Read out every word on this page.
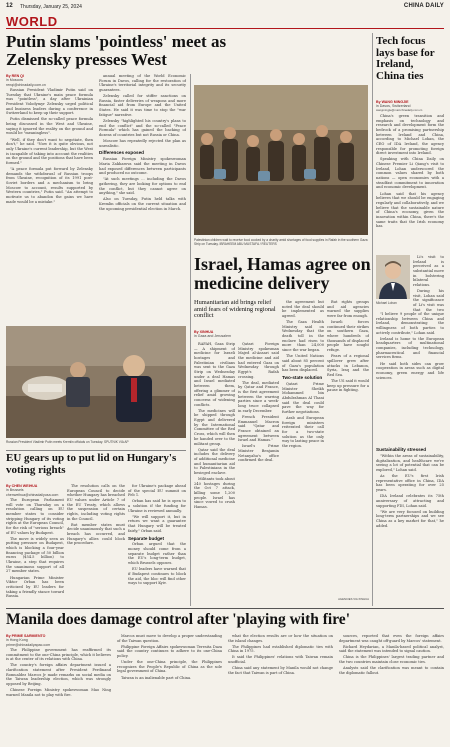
12 Thursday, January 25, 2024	CHINA DAILY
WORLD
Putin slams 'pointless' meet as Zelensky presses West
By REN QI
in Moscow
renqi@chinadaily.com.cn

Russian President Vladimir Putin said on Tuesday that Ukraine's main peace formula was "pointless", a day after Ukrainian President Volodymyr Zelensky urged political and business leaders during a conference in Switzerland to keep up their support.

Putin dismissed the so-called peace formula being discussed in the West and Ukraine, saying it ignored the reality on the ground and would be "meaningless".

"Well, if they don't want to negotiate, then don't," he said. "Now it is quite obvious, not only Ukraine's current leadership, but the West is incapable of taking into account the realities on the ground and the positions that have been formed."

"A peace formula put forward by Zelensky demands the withdrawal of Russian troops from Ukraine, recognition of its 1991 post-Soviet borders and a mechanism to bring Moscow to account, results supported by Western countries," Putin said. "An attempt to motivate us to abandon the gains we have made would be a mistake."

annual meeting of the World Economic Forum in Davos, calling for the restoration of Ukraine's territorial integrity and its security guarantees.

Zelensky called for stiffer sanctions on Russia, faster deliveries of weapons and more financial aid from Europe and the United States. He said it was time to stop the "war fatigue" narrative.

Zelensky "highlighted his country's plans to end the conflict" and the so-called "Peace Formula" which has gained the backing of dozens of countries but not Russia or China.

Moscow has repeatedly rejected the plan as unrealistic.

Differences exposed

Russian Foreign Ministry spokeswoman Maria Zakharova said the meeting in Davos had exposed differences between participants and produced no outcome.

"At such meetings ... including the Davos gathering, they are looking for options to end the conflict, but they cannot agree on anything," she said.

Also on Tuesday, Putin held talks with Kremlin officials on the current situation and the upcoming presidential election in March.

Russian President Vladimir Putin meets Kremlin officials on Tuesday. SPUTNIK VIA AP
EU gears up to put lid on Hungary's voting rights
By CHEN WEIHUA
in Brussels
chenweihua@chinadailyusa.com

The European Parliament will vote on Thursday on a resolution calling on EU member states to consider stripping Hungary of its voting rights at the European Council, for the risk of "serious breach" of EU values by Budapest.

The move is widely seen as putting pressure on Budapest, which is blocking a four-year financing package of 50 billion euros ($54.5 billion) to Ukraine, a step that requires the unanimous support of all 27 member states.

Hungarian Prime Minister Viktor Orban has been criticized by EU leaders for taking a friendly stance toward Russia.

The resolution calls on the European Council to decide whether Hungary has breached EU values under Article 7 of the EU Treaty, which allows the suspension of certain rights, including voting rights in the Council.

But member states must decide unanimously that such a breach has occurred, and Hungary's allies could block the procedure.

for Ukraine's package ahead of the special EU summit on Feb 1.

Orban has said he is open to a solution if the funding for Ukraine is reviewed annually.

"We will support it, but in return we want a guarantee that Hungary will be treated fairly," Orban said.

Separate budget

Orban argued that the money should come from a separate budget rather than the EU's long-term budget, which Brussels opposes.

EU leaders have warned that if Budapest continues to block the aid, the bloc will find other ways to support Kyiv.

Palestinian children wait to receive food cooked by a charity amid shortages of food supplies in Rafah in the southern Gaza Strip on Tuesday. IBRAHEEM ABU MUSTAFA / REUTERS
Israel, Hamas agree on medicine delivery
Humanitarian aid brings relief amid fears of widening regional conflict
By XINHUA
in Gaza and Jerusalem

RAFAH, Gaza Strip — A shipment of medicine for Israeli hostages and Palestinian civilians was sent to the Gaza Strip on Wednesday under a deal Hamas and Israel mediated between them, offering a glimmer of relief amid growing concerns of widening conflicts.

The medicines will be shipped through Egypt and delivered by the International Committee of the Red Cross, which will then be handed over to the militant group.

Qatar said the deal includes the delivery of additional medicine and humanitarian aid to Palestinians in the besieged enclave.

Militants took about 240 hostages during the Oct 7 attack, killing some 1,200 people. Israel has since vowed to crush Hamas.

Qatari Foreign Ministry spokesman Majed al-Ansari said the medicine and aid had entered Gaza on Wednesday through Egypt's Rafah crossing.

The deal, mediated by Qatar and France, is the first agreement between the warring parties since a week-long truce collapsed in early December.

French President Emmanuel Macron said "Qatar and France obtained an agreement between Israel and Hamas."

Israel's Prime Minister Benjamin Netanyahu's office confirmed the deal.

the agreement but noted the deal should be implemented as agreed.

The Gaza Health Ministry said on Wednesday that the death toll in the enclave had risen to more than 24,000 since the war began.

The United Nations said about 85 percent of Gaza's population has been displaced.

Two-state solution

Qatari Prime Minister Sheikh Mohammed bin Abdulrahman Al Thani said the deal could pave the way for further negotiations.

Arab and European foreign ministers reiterated their call for a two-state solution as the only way to lasting peace in the region.

But rights groups and aid agencies warned the supplies were far from enough.

Israeli forces continued their strikes on southern Gaza, where hundreds of thousands of displaced people have sought refuge.

Fears of a regional spillover grew after attacks in Lebanon, Syria, Iraq and the Red Sea.

The US said it would keep up pressure for a pause in fighting.

AGENCIES VIA XINHUA
Tech focus lays base for Ireland, China ties
By WANG MINGJIE
in Davos, Switzerland
wangmingjie@mail.chinadaily.com.cn

China's green transition and emphasis on technology and research and development form the bedrock of a promising partnership between Ireland and China, according to Michael Lohan, the CEO of IDA Ireland, the agency responsible for promoting foreign direct investment into Ireland.

Speaking with China Daily on Chinese Premier Li Qiang's visit to Ireland, Lohan underscored the common values shared by both nations — open economies with a steadfast commitment to innovation and economic development.

Lohan said that his agency believes that we should be engaging regularly and collaboratively, and we believe that the sustainable nature of China's economy, given the innovation within China, there's the same traits that the Irish economy has.

Michael Lohan

Li's visit to Ireland is perceived as a substantial move in bolstering bilateral relations.

During his visit, Lohan said the significance of Li's visit was that the two

"I believe 9 people of the unique relationship between China and Ireland, demonstrating the willingness of both parties to actively contribute," Lohan said.

Ireland is home to the European headquarters of multinational companies, including technology, pharmaceutical and financial services firms.

He said both sides can grow cooperation in areas such as digital economy, green energy and life sciences.

Sustainability stressed

"Within the areas of sustainability, digitalization, and healthcare we're seeing a lot of potential that can be explored," Lohan said.

As the EU's first Irish representative office in China, IDA has been operating for over 25 years.

IDA Ireland celebrates its 75th anniversary of attracting and supporting FDI, Lohan said.

"We are very focused on building long-term partnerships and we see China as a key market for that," he added.

Manila does damage control after 'playing with fire'
By PRIME SARMIENTO
in Hong Kong
prime@chinadailyapac.com

The Philippine government has reaffirmed its commitment to the one-China principle, which it believes is at the center of its relations with China.

The country's foreign affairs department issued a clarification statement after President Ferdinand Romualdez Marcos Jr made remarks on social media on the Taiwan leadership election, which was strongly opposed by Beijing.

Chinese Foreign Ministry spokeswoman Mao Ning warned Manila not to play with fire.

Marcos must move to develop a proper understanding of the Taiwan question.

Philippine Foreign Affairs spokeswoman Teresita Daza said the country continues to adhere to its one-China policy.

Under the one-China principle, the Philippines recognizes the People's Republic of China as the sole legal government of China.

Taiwan is an inalienable part of China.

what the election results are or how the situation on the island changes.

The Philippines had established diplomatic ties with China in 1975.

It said the Philippines' relations with Taiwan remain unofficial.

China said any statement by Manila would not change the fact that Taiwan is part of China.

sources, reported that even the foreign affairs department was caught off-guard by Marcos' statement.

Richard Heydarian, a Manila-based political analyst, said the statement was intended to signal caution.

China is the Philippines' largest trading partner and the two countries maintain close economic ties.

Analysts said the clarification was meant to contain the diplomatic fallout.
